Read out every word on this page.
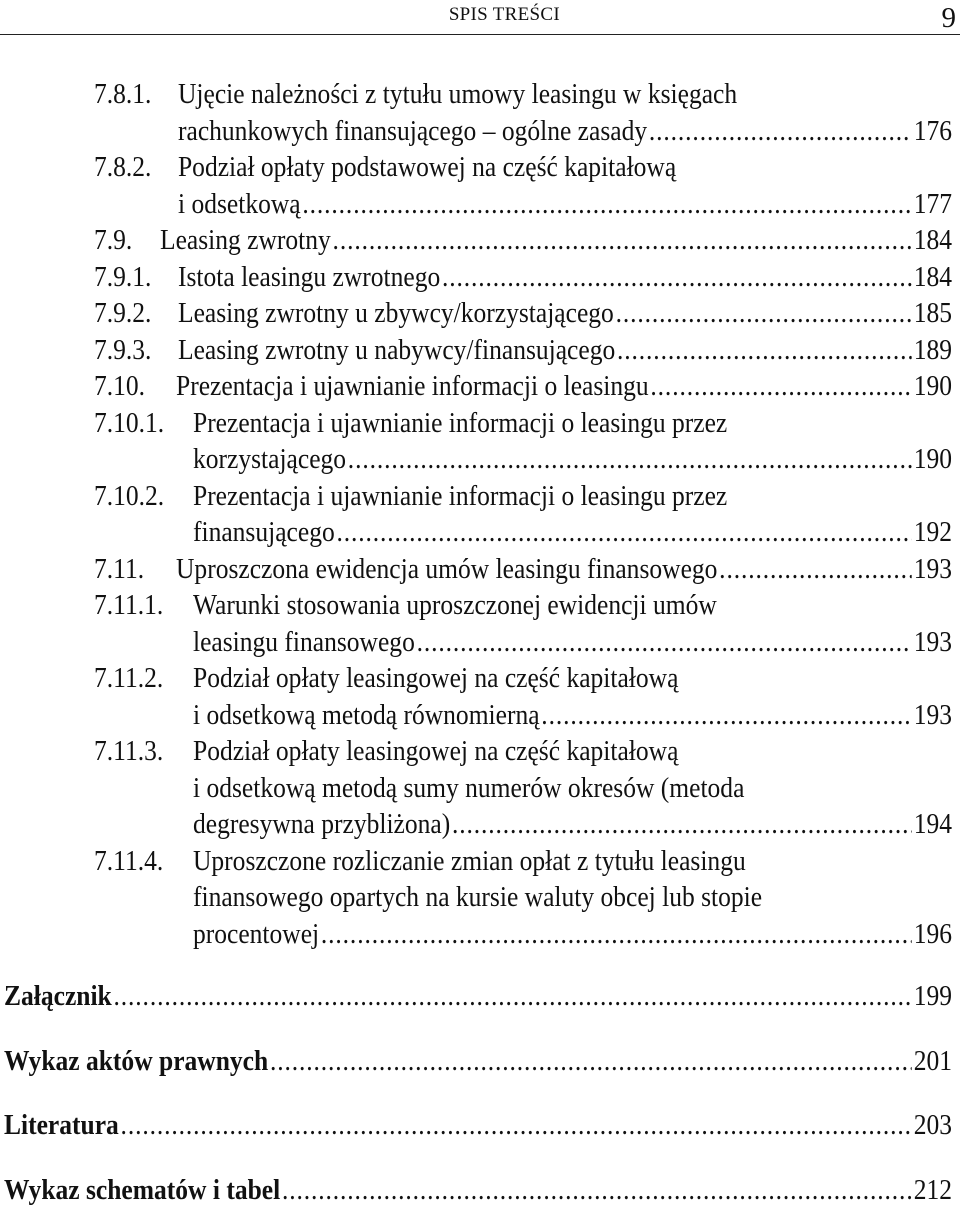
SPIS TREŚCI	9
7.8.1. Ujęcie należności z tytułu umowy leasingu w księgach
rachunkowych finansującego – ogólne zasady .....	176
7.8.2. Podział opłaty podstawowej na część kapitałową
i odsetkową .....	177
7.9. Leasing zwrotny .....	184
7.9.1. Istota leasingu zwrotnego .....	184
7.9.2. Leasing zwrotny u zbywcy/korzystającego .....	185
7.9.3. Leasing zwrotny u nabywcy/finansującego .....	189
7.10. Prezentacja i ujawnianie informacji o leasingu .....	190
7.10.1. Prezentacja i ujawnianie informacji o leasingu przez
korzystającego .....	190
7.10.2. Prezentacja i ujawnianie informacji o leasingu przez
finansującego .....	192
7.11. Uproszczona ewidencja umów leasingu finansowego .....	193
7.11.1. Warunki stosowania uproszczonej ewidencji umów
leasingu finansowego .....	193
7.11.2. Podział opłaty leasingowej na część kapitałową
i odsetkową metodą równomierną .....	193
7.11.3. Podział opłaty leasingowej na część kapitałową
i odsetkową metodą sumy numerów okresów (metoda
degresywna przybliżona) .....	194
7.11.4. Uproszczone rozliczanie zmian opłat z tytułu leasingu
finansowego opartych na kursie waluty obcej lub stopie
procentowej .....	196
Załącznik .....	199
Wykaz aktów prawnych .....	201
Literatura .....	203
Wykaz schematów i tabel .....	212
